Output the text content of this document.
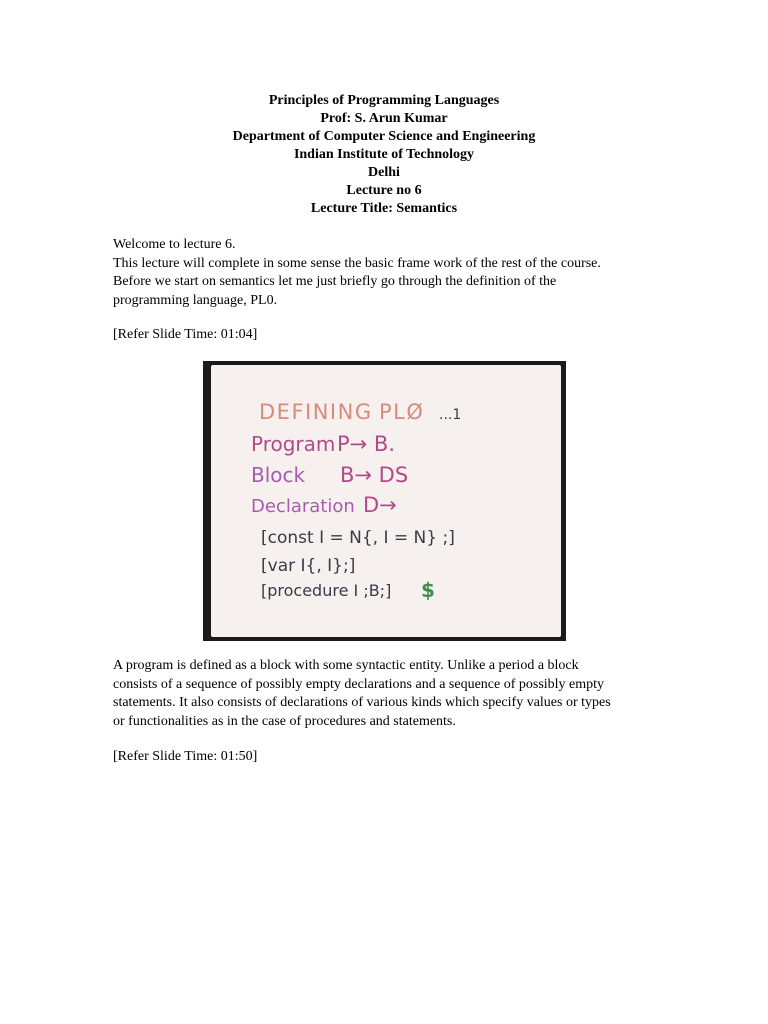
Principles of Programming Languages
Prof: S. Arun Kumar
Department of Computer Science and Engineering
Indian Institute of Technology
Delhi
Lecture no 6
Lecture Title: Semantics
Welcome to lecture 6.
This lecture will complete in some sense the basic frame work of the rest of the course.
Before we start on semantics let me just briefly go through the definition of the
programming language, PL0.
[Refer Slide Time: 01:04]
DEFINING PLØ ...1
Program P→ B.
Block B→ DS
Declaration D→
[const I = N{, I = N} ;]
[var I{, I};]
[procedure I ;B;] $
A program is defined as a block with some syntactic entity. Unlike a period a block
consists of a sequence of possibly empty declarations and a sequence of possibly empty
statements. It also consists of declarations of various kinds which specify values or types
or functionalities as in the case of procedures and statements.
[Refer Slide Time: 01:50]
